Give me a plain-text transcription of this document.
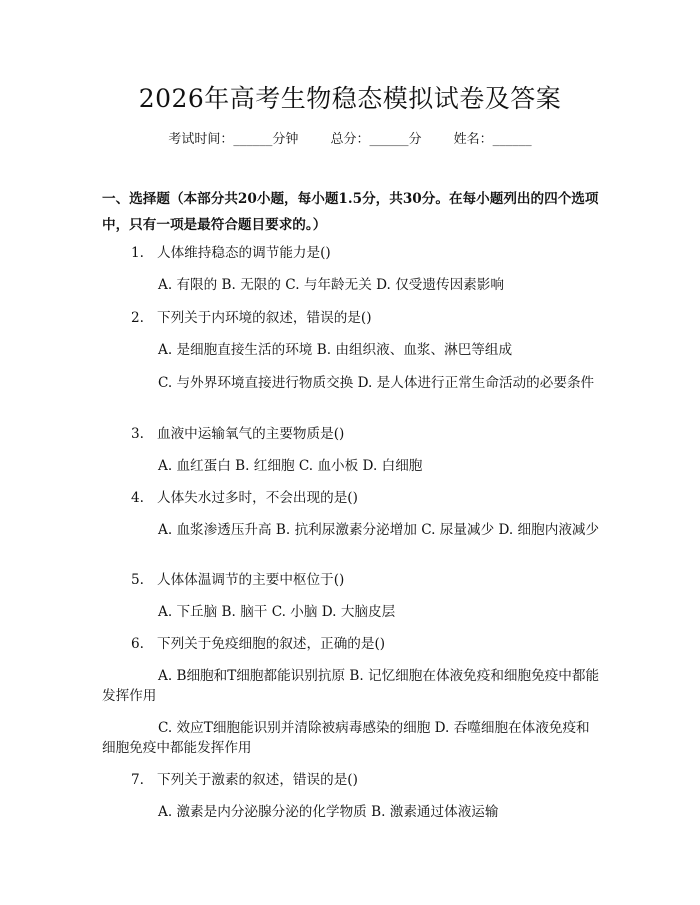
2026年高考生物稳态模拟试卷及答案
考试时间：______分钟 总分：______分 姓名：______
一、选择题（本部分共20小题，每小题1.5分，共30分。在每小题列出的四个选项中，只有一项是最符合题目要求的。）
1. 人体维持稳态的调节能力是()
A. 有限的 B. 无限的 C. 与年龄无关 D. 仅受遗传因素影响
2. 下列关于内环境的叙述，错误的是()
A. 是细胞直接生活的环境 B. 由组织液、血浆、淋巴等组成
C. 与外界环境直接进行物质交换 D. 是人体进行正常生命活动的必要条件
3. 血液中运输氧气的主要物质是()
A. 血红蛋白 B. 红细胞 C. 血小板 D. 白细胞
4. 人体失水过多时，不会出现的是()
A. 血浆渗透压升高 B. 抗利尿激素分泌增加 C. 尿量减少 D. 细胞内液减少
5. 人体体温调节的主要中枢位于()
A. 下丘脑 B. 脑干 C. 小脑 D. 大脑皮层
6. 下列关于免疫细胞的叙述，正确的是()
A. B细胞和T细胞都能识别抗原 B. 记忆细胞在体液免疫和细胞免疫中都能发挥作用
C. 效应T细胞能识别并清除被病毒感染的细胞 D. 吞噬细胞在体液免疫和细胞免疫中都能发挥作用
7. 下列关于激素的叙述，错误的是()
A. 激素是内分泌腺分泌的化学物质 B. 激素通过体液运输
